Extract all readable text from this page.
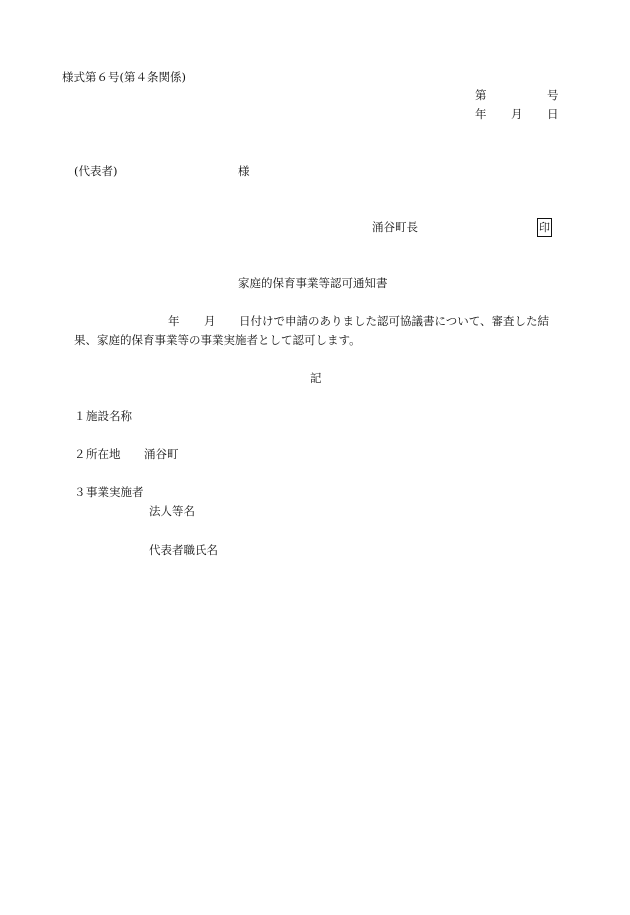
様式第６号(第４条関係)
第	号
年 月 日
(代表者)	様
涌谷町長	印
家庭的保育事業等認可通知書
年 月 日付けで申請のありました認可協議書について、審査した結
果、家庭的保育事業等の事業実施者として認可します。
記
１ 施設名称
２ 所在地 涌谷町
３ 事業実施者
法人等名
代表者職氏名
